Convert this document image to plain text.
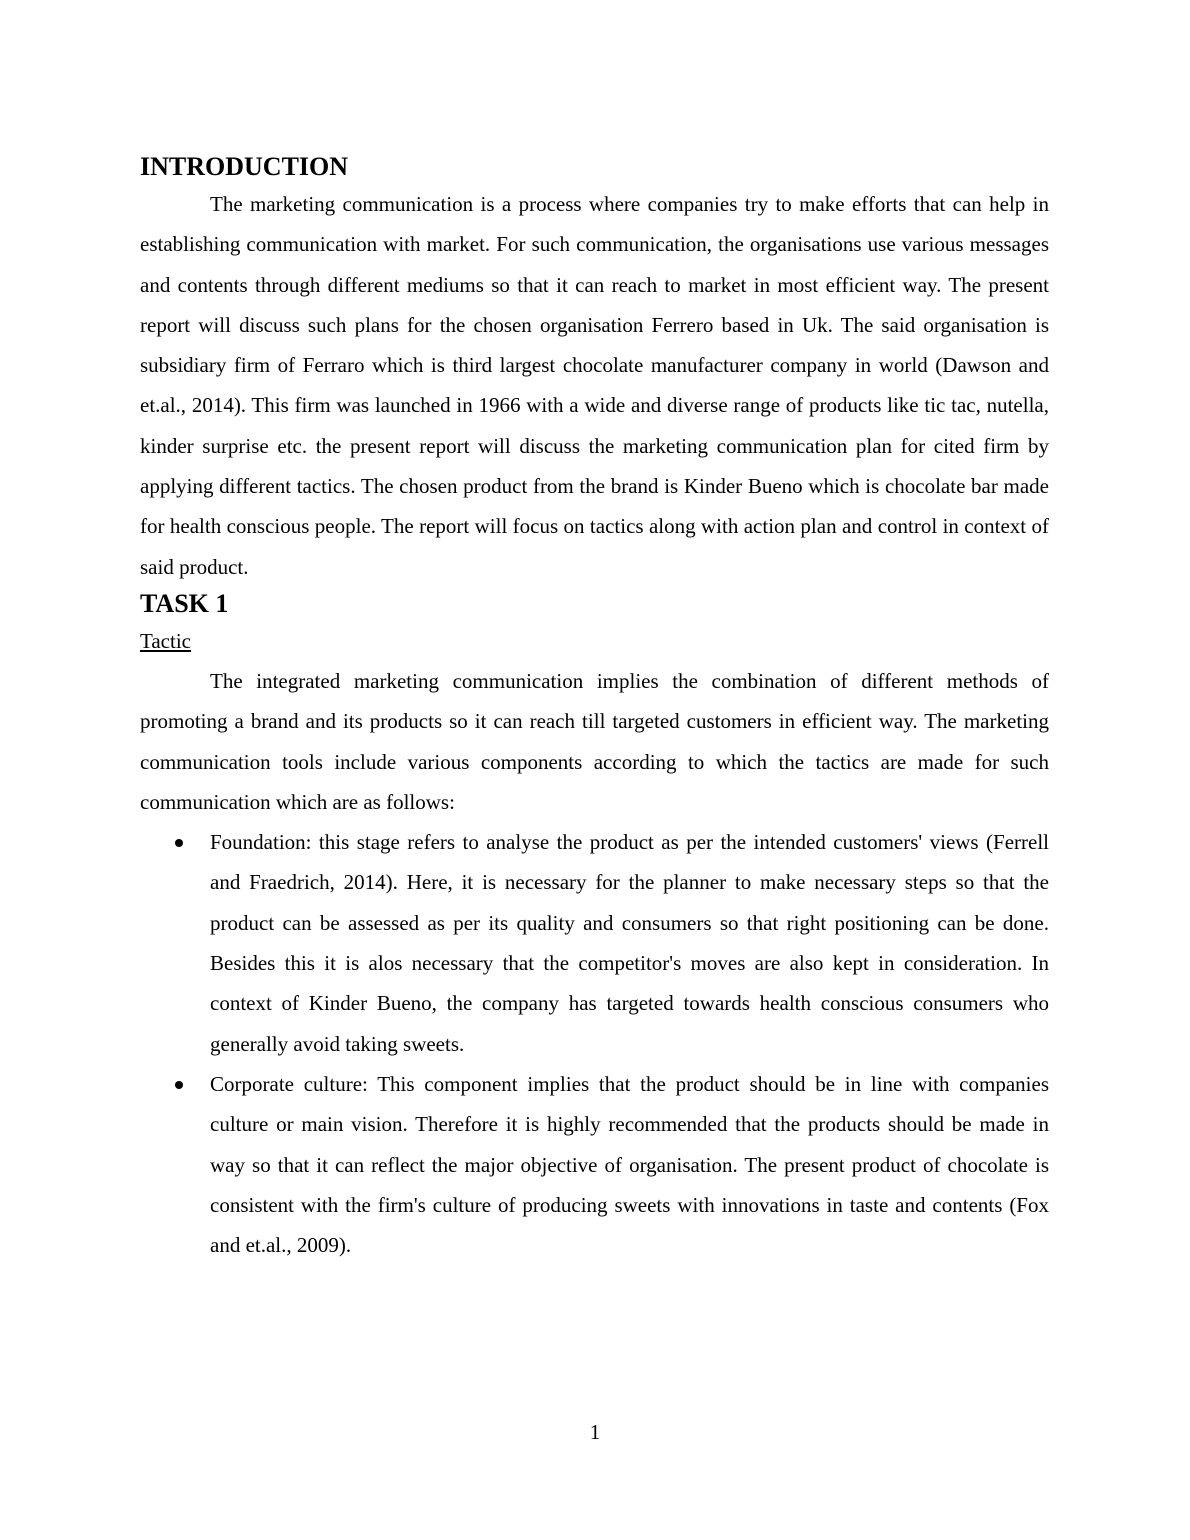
INTRODUCTION

The marketing communication is a process where companies try to make efforts that can help in establishing communication with market. For such communication, the organisations use various messages and contents through different mediums so that it can reach to market in most efficient way. The present report will discuss such plans for the chosen organisation Ferrero based in Uk. The said organisation is subsidiary firm of Ferraro which is third largest chocolate manufacturer company in world (Dawson and et.al., 2014). This firm was launched in 1966 with a wide and diverse range of products like tic tac, nutella, kinder surprise etc. the present report will discuss the marketing communication plan for cited firm by applying different tactics. The chosen product from the brand is Kinder Bueno which is chocolate bar made for health conscious people. The report will focus on tactics along with action plan and control in context of said product.

TASK 1
Tactic

The integrated marketing communication implies the combination of different methods of promoting a brand and its products so it can reach till targeted customers in efficient way. The marketing communication tools include various components according to which the tactics are made for such communication which are as follows:

Foundation: this stage refers to analyse the product as per the intended customers' views (Ferrell and Fraedrich, 2014). Here, it is necessary for the planner to make necessary steps so that the product can be assessed as per its quality and consumers so that right positioning can be done. Besides this it is alos necessary that the competitor's moves are also kept in consideration. In context of Kinder Bueno, the company has targeted towards health conscious consumers who generally avoid taking sweets.
Corporate culture: This component implies that the product should be in line with companies culture or main vision. Therefore it is highly recommended that the products should be made in way so that it can reflect the major objective of organisation. The present product of chocolate is consistent with the firm's culture of producing sweets with innovations in taste and contents (Fox and et.al., 2009).
1
